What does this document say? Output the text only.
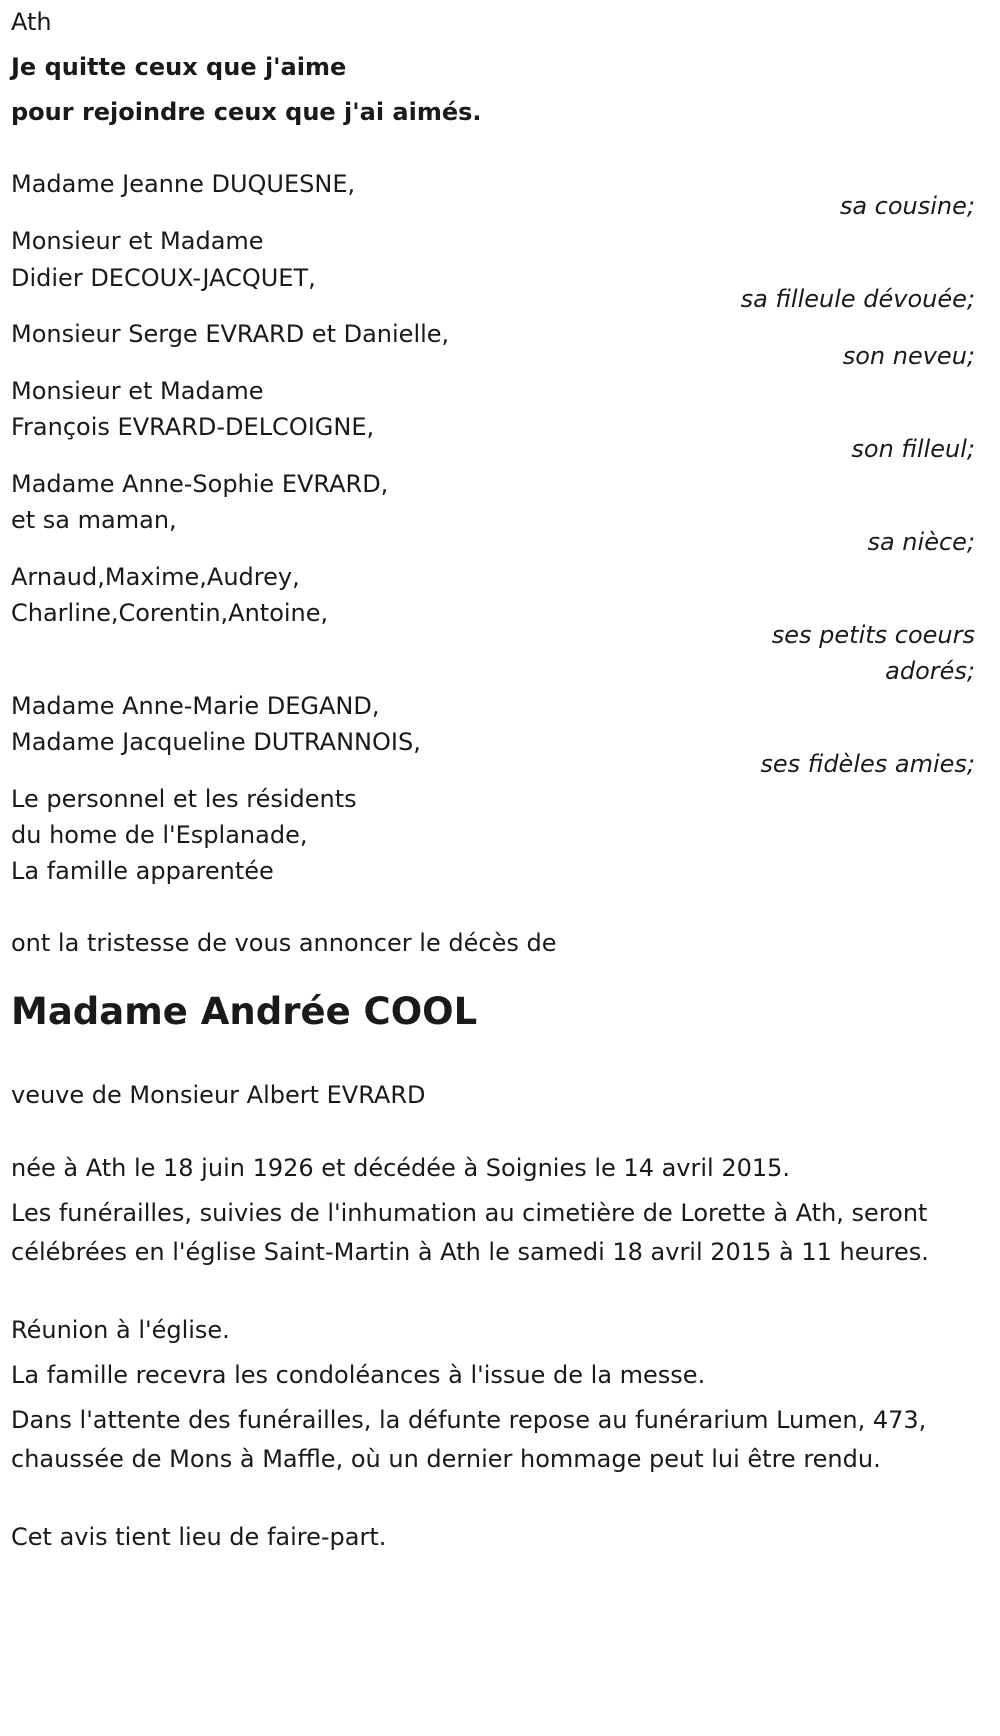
Ath
Je quitte ceux que j'aime
pour rejoindre ceux que j'ai aimés.
Madame Jeanne DUQUESNE,
sa cousine;
Monsieur et Madame
Didier DECOUX-JACQUET,
sa filleule dévouée;
Monsieur Serge EVRARD et Danielle,
son neveu;
Monsieur et Madame
François EVRARD-DELCOIGNE,
son filleul;
Madame Anne-Sophie EVRARD,
et sa maman,
sa nièce;
Arnaud,Maxime,Audrey,
Charline,Corentin,Antoine,
ses petits coeurs
adorés;
Madame Anne-Marie DEGAND,
Madame Jacqueline DUTRANNOIS,
ses fidèles amies;
Le personnel et les résidents
du home de l'Esplanade,
La famille apparentée
ont la tristesse de vous annoncer le décès de
Madame Andrée COOL
veuve de Monsieur Albert EVRARD
née à Ath le 18 juin 1926 et décédée à Soignies le 14 avril 2015.
Les funérailles, suivies de l'inhumation au cimetière de Lorette à Ath, seront célébrées en l'église Saint-Martin à Ath le samedi 18 avril 2015 à 11 heures.
Réunion à l'église.
La famille recevra les condoléances à l'issue de la messe.
Dans l'attente des funérailles, la défunte repose au funérarium Lumen, 473, chaussée de Mons à Maffle, où un dernier hommage peut lui être rendu.
Cet avis tient lieu de faire-part.
